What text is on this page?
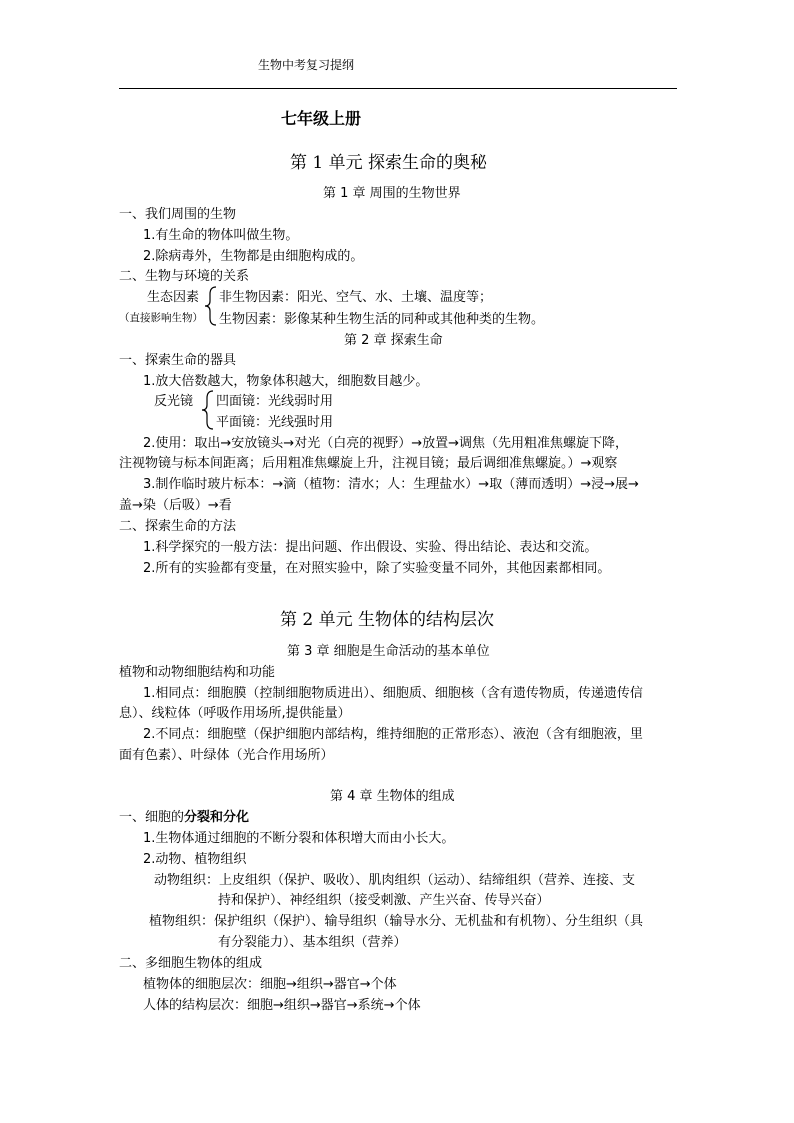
生物中考复习提纲
七年级上册
第 1 单元 探索生命的奥秘
第 1 章 周围的生物世界
一、我们周围的生物
1.有生命的物体叫做生物。
2.除病毒外，生物都是由细胞构成的。
二、生物与环境的关系
生态因素
（直接影响生物）
非生物因素：阳光、空气、水、土壤、温度等；
生物因素：影像某种生物生活的同种或其他种类的生物。
第 2 章 探索生命
一、探索生命的器具
1.放大倍数越大，物象体积越大，细胞数目越少。
反光镜 凹面镜：光线弱时用
平面镜：光线强时用
2.使用：取出→安放镜头→对光（白亮的视野）→放置→调焦（先用粗准焦螺旋下降，
注视物镜与标本间距离；后用粗准焦螺旋上升，注视目镜；最后调细准焦螺旋。）→观察
3.制作临时玻片标本：→滴（植物：清水；人：生理盐水）→取（薄而透明）→浸→展→
盖→染（后吸）→看
二、探索生命的方法
1.科学探究的一般方法：提出问题、作出假设、实验、得出结论、表达和交流。
2.所有的实验都有变量，在对照实验中，除了实验变量不同外，其他因素都相同。
第 2 单元 生物体的结构层次
第 3 章 细胞是生命活动的基本单位
植物和动物细胞结构和功能
1.相同点：细胞膜（控制细胞物质进出）、细胞质、细胞核（含有遗传物质，传递遗传信
息）、线粒体（呼吸作用场所,提供能量）
2.不同点：细胞壁（保护细胞内部结构，维持细胞的正常形态）、液泡（含有细胞液，里
面有色素）、叶绿体（光合作用场所）
第 4 章 生物体的组成
一、细胞的分裂和分化
1.生物体通过细胞的不断分裂和体积增大而由小长大。
2.动物、植物组织
动物组织：上皮组织（保护、吸收）、肌肉组织（运动）、结缔组织（营养、连接、支
持和保护）、神经组织（接受刺激、产生兴奋、传导兴奋）
植物组织：保护组织（保护）、输导组织（输导水分、无机盐和有机物）、分生组织（具
有分裂能力）、基本组织（营养）
二、多细胞生物体的组成
植物体的细胞层次：细胞→组织→器官→个体
人体的结构层次：细胞→组织→器官→系统→个体
